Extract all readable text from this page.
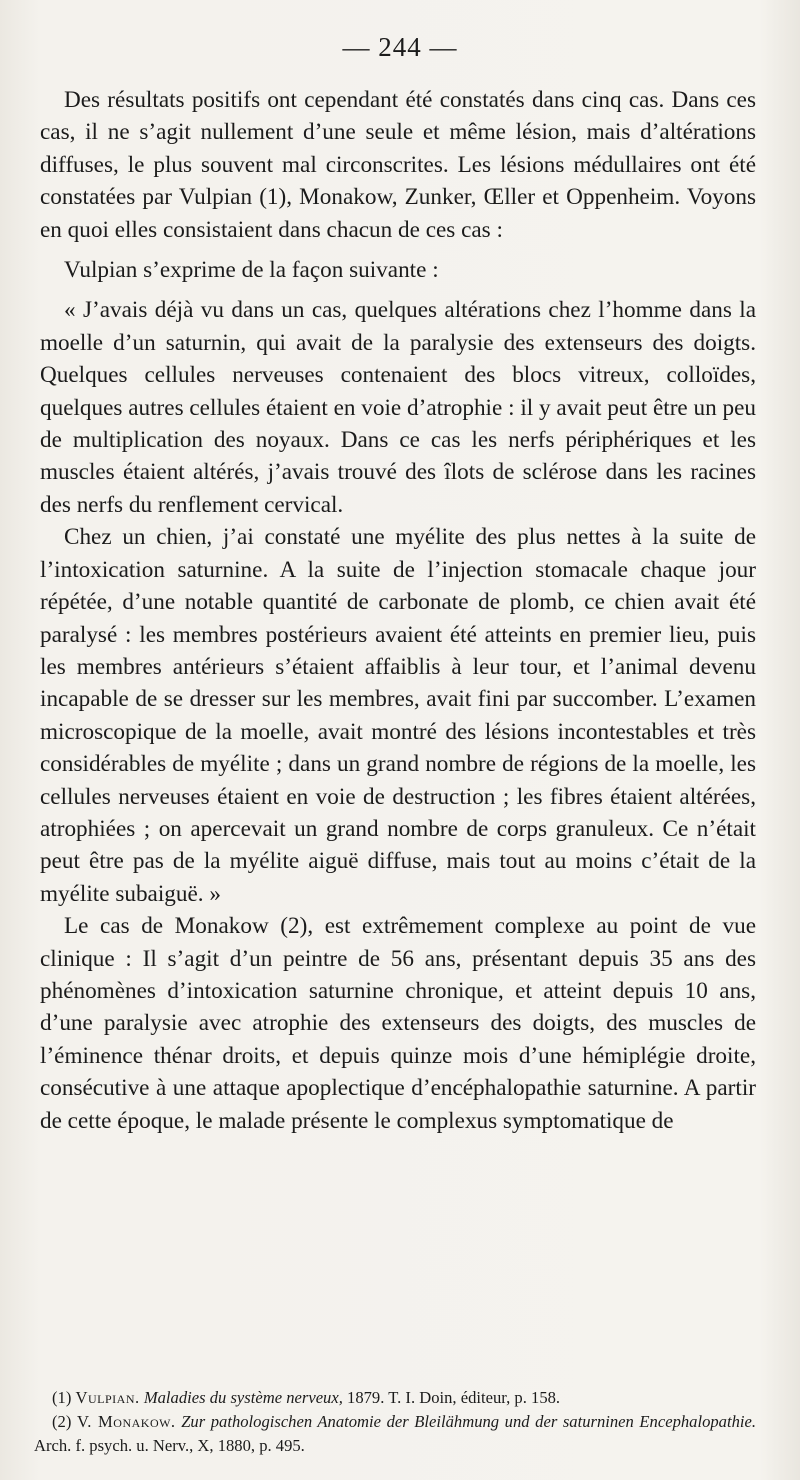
— 244 —

Des résultats positifs ont cependant été constatés dans cinq cas. Dans ces cas, il ne s’agit nullement d’une seule et même lésion, mais d’altérations diffuses, le plus souvent mal circonscrites. Les lésions médullaires ont été constatées par Vulpian (1), Monakow, Zunker, Œller et Oppenheim. Voyons en quoi elles consistaient dans chacun de ces cas :

Vulpian s’exprime de la façon suivante :

« J’avais déjà vu dans un cas, quelques altérations chez l’homme dans la moelle d’un saturnin, qui avait de la paralysie des extenseurs des doigts. Quelques cellules nerveuses contenaient des blocs vitreux, colloïdes, quelques autres cellules étaient en voie d’atrophie : il y avait peut être un peu de multiplication des noyaux. Dans ce cas les nerfs périphériques et les muscles étaient altérés, j’avais trouvé des îlots de sclérose dans les racines des nerfs du renflement cervical.

Chez un chien, j’ai constaté une myélite des plus nettes à la suite de l’intoxication saturnine. A la suite de l’injection stomacale chaque jour répétée, d’une notable quantité de carbonate de plomb, ce chien avait été paralysé : les membres postérieurs avaient été atteints en premier lieu, puis les membres antérieurs s’étaient affaiblis à leur tour, et l’animal devenu incapable de se dresser sur les membres, avait fini par succomber. L’examen microscopique de la moelle, avait montré des lésions incontestables et très considérables de myélite ; dans un grand nombre de régions de la moelle, les cellules nerveuses étaient en voie de destruction ; les fibres étaient altérées, atrophiées ; on apercevait un grand nombre de corps granuleux. Ce n’était peut être pas de la myélite aiguë diffuse, mais tout au moins c’était de la myélite subaiguë. »

Le cas de Monakow (2), est extrêmement complexe au point de vue clinique : Il s’agit d’un peintre de 56 ans, présentant depuis 35 ans des phénomènes d’intoxication saturnine chronique, et atteint depuis 10 ans, d’une paralysie avec atrophie des extenseurs des doigts, des muscles de l’éminence thénar droits, et depuis quinze mois d’une hémiplégie droite, consécutive à une attaque apoplectique d’encéphalopathie saturnine. A partir de cette époque, le malade présente le complexus symptomatique de

(1) Vulpian. Maladies du système nerveux, 1879. T. I. Doin, éditeur, p. 158.

(2) V. Monakow. Zur pathologischen Anatomie der Bleilähmung und der saturninen Encephalopathie. Arch. f. psych. u. Nerv., X, 1880, p. 495.
